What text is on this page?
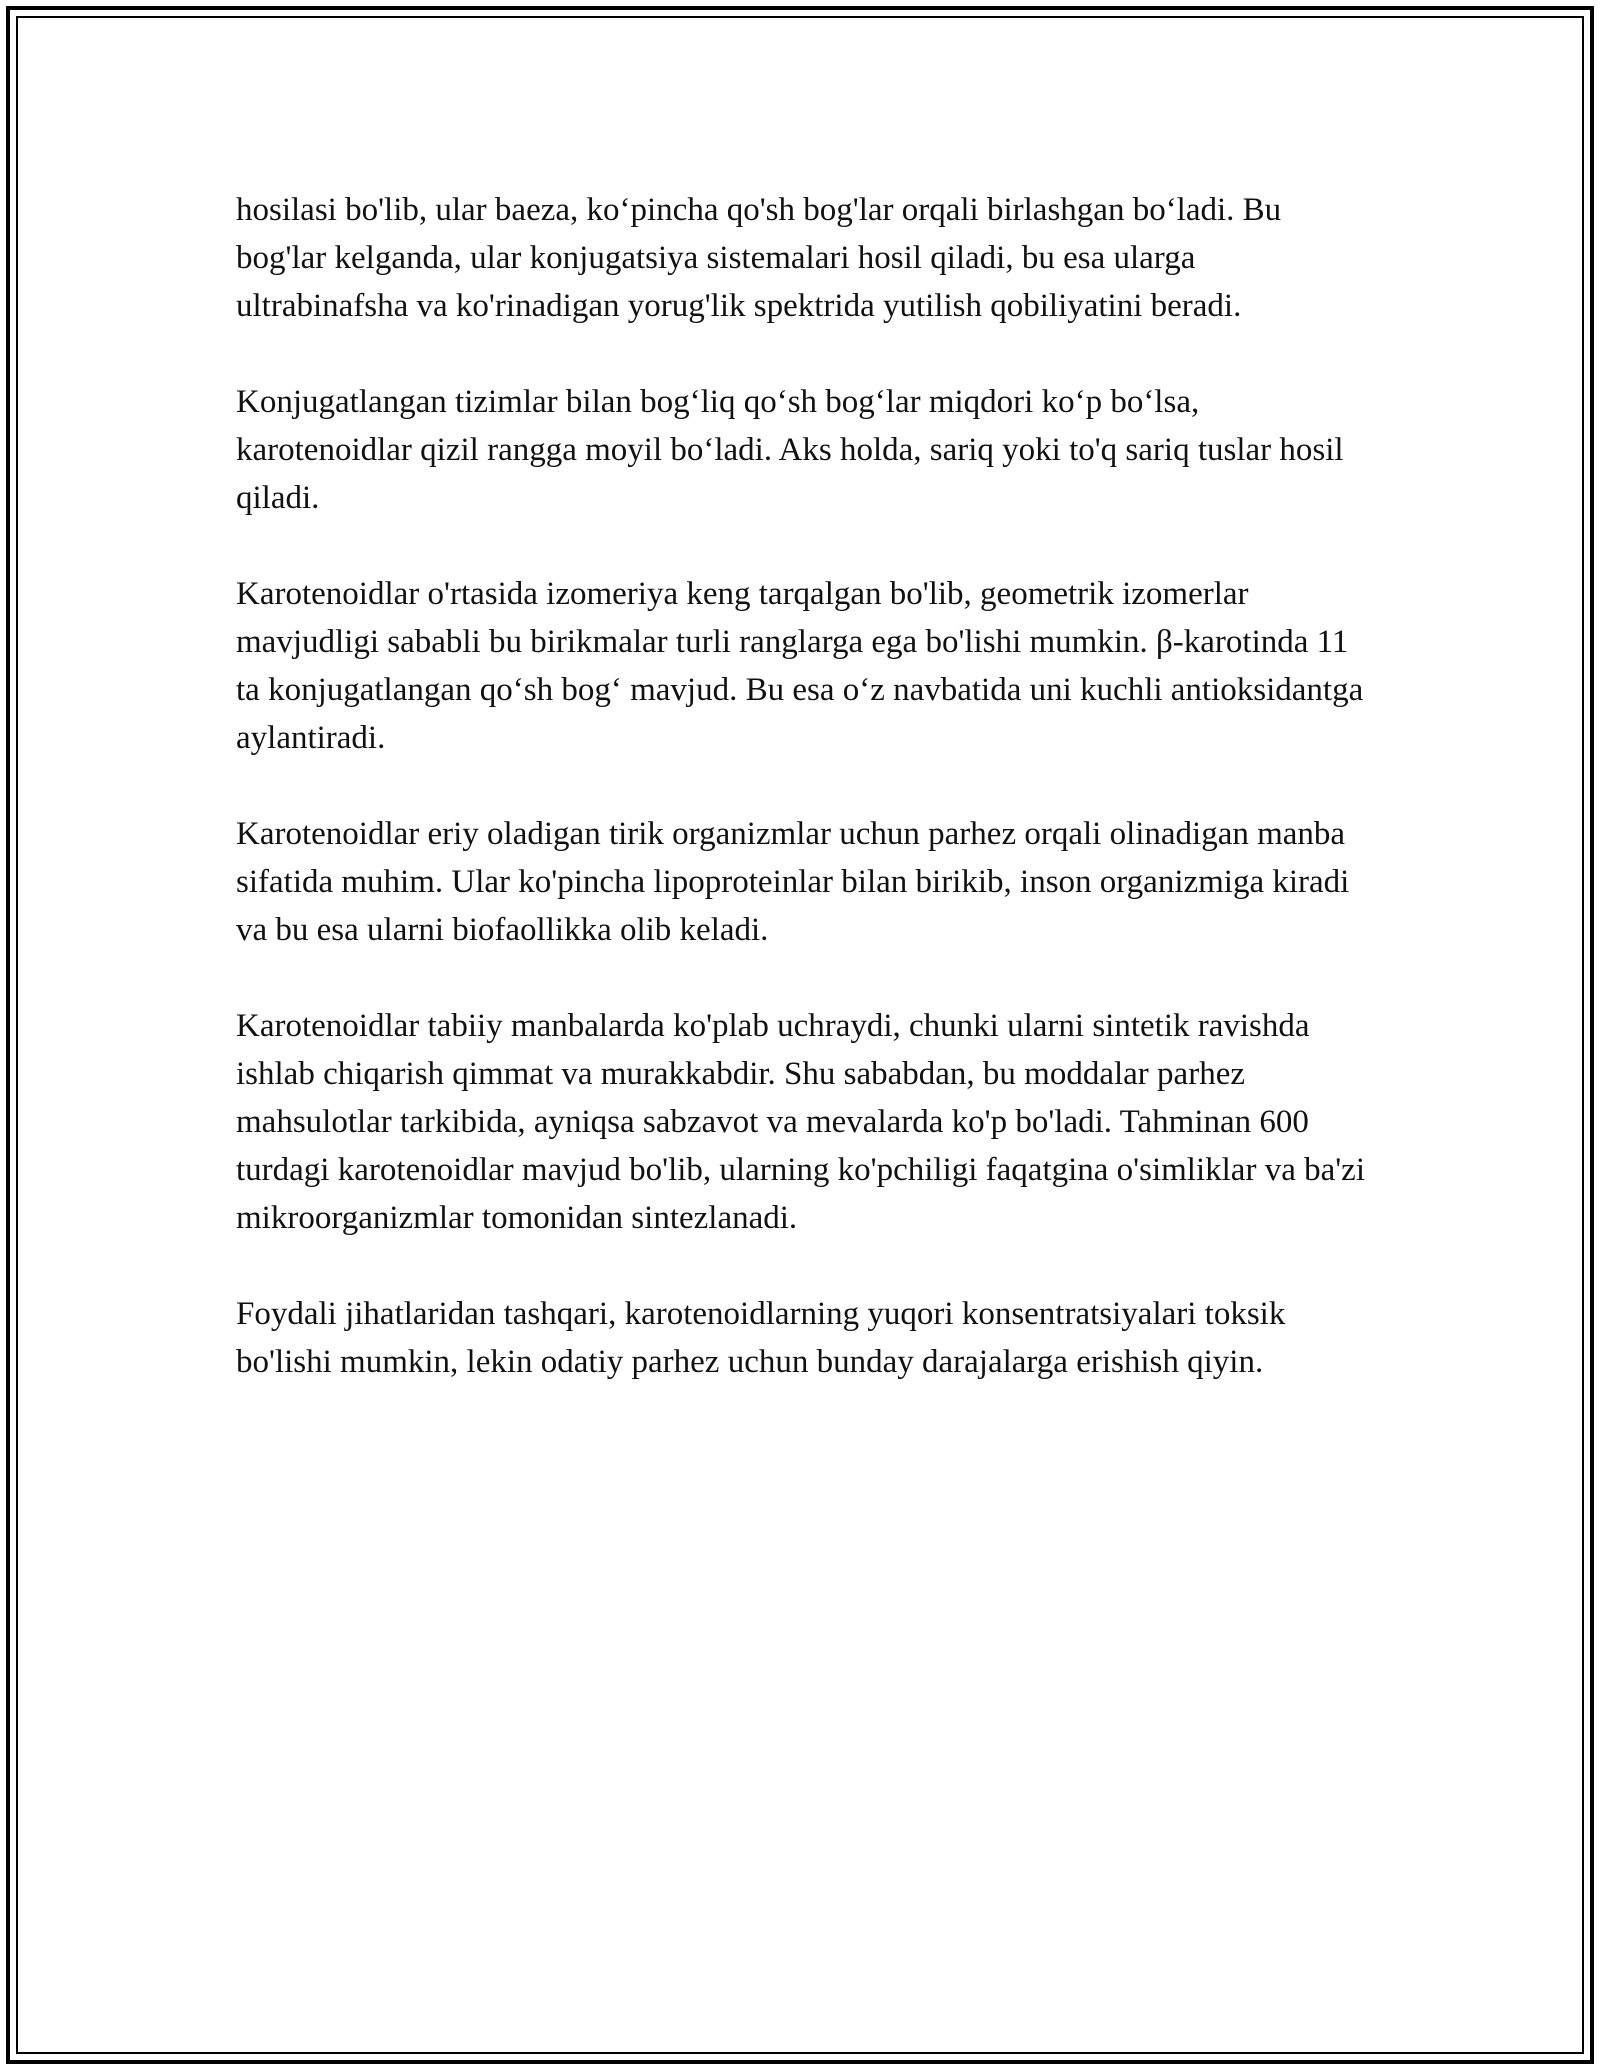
hosilasi bo'lib, ular baeza, ko‘pincha qo'sh bog'lar orqali birlashgan bo‘ladi. Bu bog'lar kelganda, ular konjugatsiya sistemalari hosil qiladi, bu esa ularga ultrabinafsha va ko'rinadigan yorug'lik spektrida yutilish qobiliyatini beradi.

Konjugatlangan tizimlar bilan bog‘liq qo‘sh bog‘lar miqdori ko‘p bo‘lsa, karotenoidlar qizil rangga moyil bo‘ladi. Aks holda, sariq yoki to'q sariq tuslar hosil qiladi.

Karotenoidlar o'rtasida izomeriya keng tarqalgan bo'lib, geometrik izomerlar mavjudligi sababli bu birikmalar turli ranglarga ega bo'lishi mumkin. β-karotinda 11 ta konjugatlangan qo‘sh bog‘ mavjud. Bu esa o‘z navbatida uni kuchli antioksidantga aylantiradi.

Karotenoidlar eriy oladigan tirik organizmlar uchun parhez orqali olinadigan manba sifatida muhim. Ular ko'pincha lipoproteinlar bilan birikib, inson organizmiga kiradi va bu esa ularni biofaollikka olib keladi.

Karotenoidlar tabiiy manbalarda ko'plab uchraydi, chunki ularni sintetik ravishda ishlab chiqarish qimmat va murakkabdir. Shu sababdan, bu moddalar parhez mahsulotlar tarkibida, ayniqsa sabzavot va mevalarda ko'p bo'ladi. Tahminan 600 turdagi karotenoidlar mavjud bo'lib, ularning ko'pchiligi faqatgina o'simliklar va ba'zi mikroorganizmlar tomonidan sintezlanadi.

Foydali jihatlaridan tashqari, karotenoidlarning yuqori konsentratsiyalari toksik bo'lishi mumkin, lekin odatiy parhez uchun bunday darajalarga erishish qiyin.
